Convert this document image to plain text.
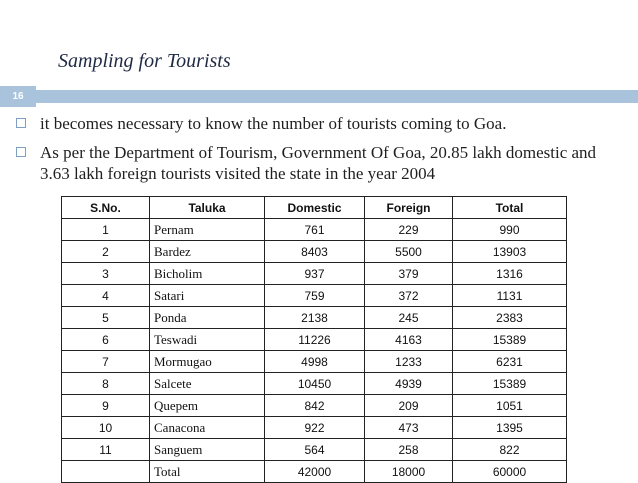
Sampling for Tourists
16
it becomes necessary to know the number of tourists coming to Goa.
As per the Department of Tourism, Government Of Goa, 20.85 lakh domestic and 3.63 lakh foreign tourists visited the state in the year 2004
S.No.	Taluka	Domestic	Foreign	Total
1	Pernam	761	229	990
2	Bardez	8403	5500	13903
3	Bicholim	937	379	1316
4	Satari	759	372	1131
5	Ponda	2138	245	2383
6	Teswadi	11226	4163	15389
7	Mormugao	4998	1233	6231
8	Salcete	10450	4939	15389
9	Quepem	842	209	1051
10	Canacona	922	473	1395
11	Sanguem	564	258	822
	Total	42000	18000	60000
